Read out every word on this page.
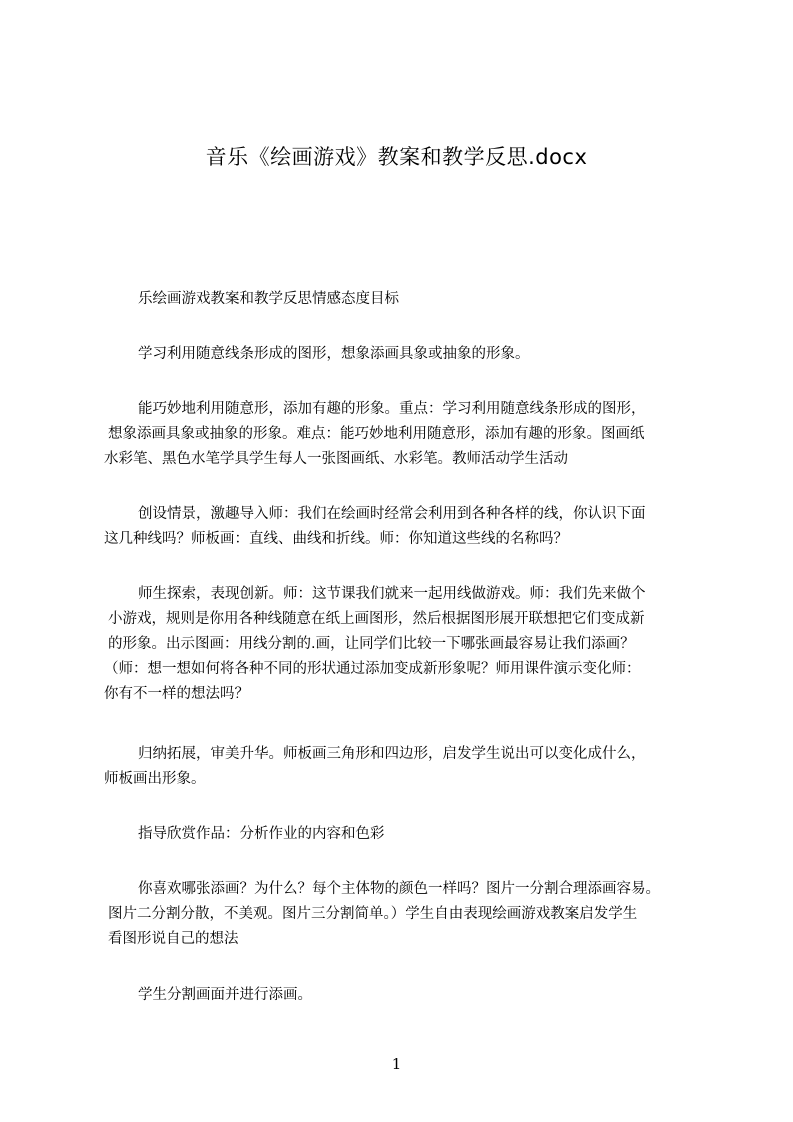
音乐《绘画游戏》教案和教学反思.docx
乐绘画游戏教案和教学反思情感态度目标
学习利用随意线条形成的图形，想象添画具象或抽象的形象。
能巧妙地利用随意形，添加有趣的形象。重点：学习利用随意线条形成的图形，
想象添画具象或抽象的形象。难点：能巧妙地利用随意形，添加有趣的形象。图画纸
水彩笔、黑色水笔学具学生每人一张图画纸、水彩笔。教师活动学生活动
创设情景，激趣导入师：我们在绘画时经常会利用到各种各样的线，你认识下面
这几种线吗？师板画：直线、曲线和折线。师：你知道这些线的名称吗？
师生探索，表现创新。师：这节课我们就来一起用线做游戏。师：我们先来做个
小游戏，规则是你用各种线随意在纸上画图形，然后根据图形展开联想把它们变成新
的形象。出示图画：用线分割的.画，让同学们比较一下哪张画最容易让我们添画？
（师：想一想如何将各种不同的形状通过添加变成新形象呢？师用课件演示变化师：
你有不一样的想法吗？
归纳拓展，审美升华。师板画三角形和四边形，启发学生说出可以变化成什么，
师板画出形象。
指导欣赏作品：分析作业的内容和色彩
你喜欢哪张添画？为什么？每个主体物的颜色一样吗？图片一分割合理添画容易。
图片二分割分散，不美观。图片三分割简单。）学生自由表现绘画游戏教案启发学生
看图形说自己的想法
学生分割画面并进行添画。
1
